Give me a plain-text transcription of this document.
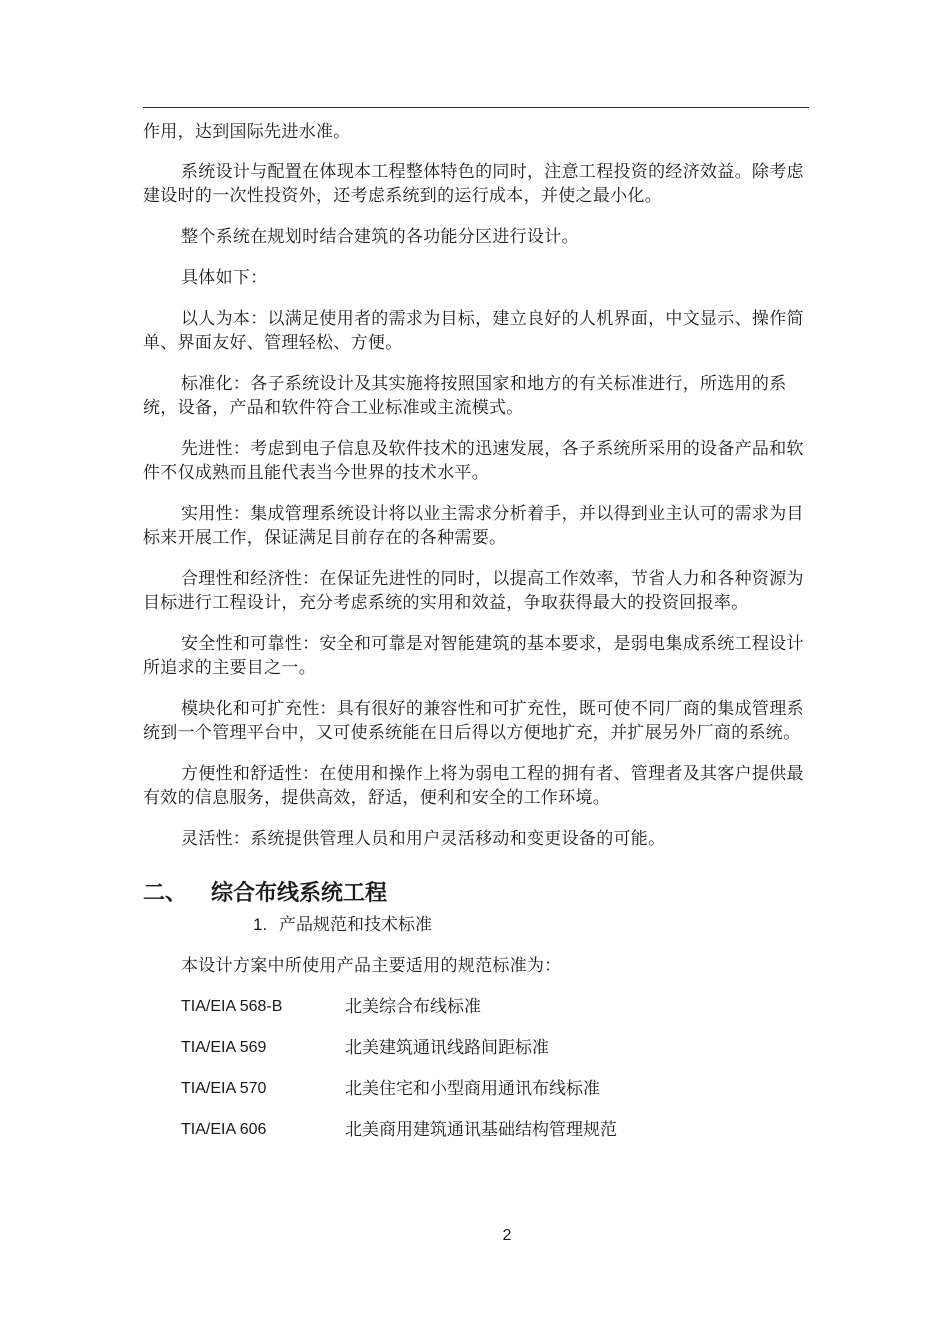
作用，达到国际先进水准。

系统设计与配置在体现本工程整体特色的同时，注意工程投资的经济效益。除考虑建设时的一次性投资外，还考虑系统到的运行成本，并使之最小化。

整个系统在规划时结合建筑的各功能分区进行设计。

具体如下：

以人为本：以满足使用者的需求为目标，建立良好的人机界面，中文显示、操作简单、界面友好、管理轻松、方便。

标准化：各子系统设计及其实施将按照国家和地方的有关标准进行，所选用的系统，设备，产品和软件符合工业标准或主流模式。

先进性：考虑到电子信息及软件技术的迅速发展，各子系统所采用的设备产品和软件不仅成熟而且能代表当今世界的技术水平。

实用性：集成管理系统设计将以业主需求分析着手，并以得到业主认可的需求为目标来开展工作，保证满足目前存在的各种需要。

合理性和经济性：在保证先进性的同时，以提高工作效率，节省人力和各种资源为目标进行工程设计，充分考虑系统的实用和效益，争取获得最大的投资回报率。

安全性和可靠性：安全和可靠是对智能建筑的基本要求，是弱电集成系统工程设计所追求的主要目之一。

模块化和可扩充性：具有很好的兼容性和可扩充性，既可使不同厂商的集成管理系统到一个管理平台中，又可使系统能在日后得以方便地扩充，并扩展另外厂商的系统。

方便性和舒适性：在使用和操作上将为弱电工程的拥有者、管理者及其客户提供最有效的信息服务，提供高效，舒适，便利和安全的工作环境。

灵活性：系统提供管理人员和用户灵活移动和变更设备的可能。

二、	综合布线系统工程
1. 产品规范和技术标准

本设计方案中所使用产品主要适用的规范标准为：

TIA/EIA 568-B	北美综合布线标准
TIA/EIA 569	北美建筑通讯线路间距标准
TIA/EIA 570	北美住宅和小型商用通讯布线标准
TIA/EIA 606	北美商用建筑通讯基础结构管理规范
2
